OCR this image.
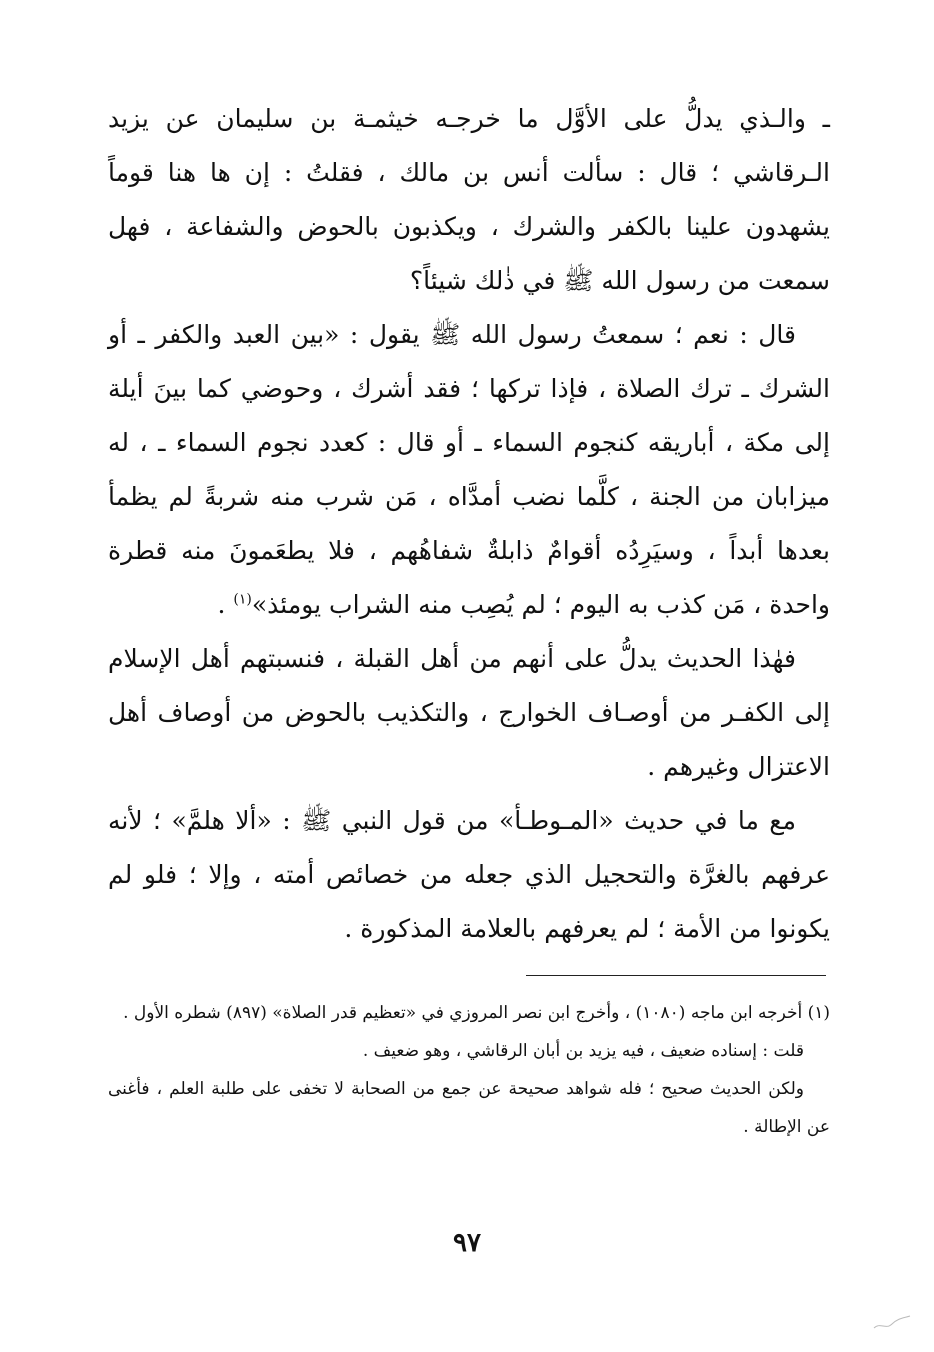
ـ والـذي يدلُّ على الأوَّل ما خرجـه خيثمـة بن سليمان عن يزيد الـرقاشي ؛ قال : سألت أنس بن مالك ، فقلتُ : إن ها هنا قوماً يشهدون علينا بالكفر والشرك ، ويكذبون بالحوض والشفاعة ، فهل سمعت من رسول الله ﷺ في ذٰلك شيئاً؟

قال : نعم ؛ سمعتُ رسول الله ﷺ يقول : «بين العبد والكفر ـ أو الشرك ـ ترك الصلاة ، فإذا تركها ؛ فقد أشرك ، وحوضي كما بينَ أيلة إلى مكة ، أباريقه كنجوم السماء ـ أو قال : كعدد نجوم السماء ـ ، له ميزابان من الجنة ، كلَّما نضب أمدَّاه ، مَن شرب منه شربةً لم يظمأ بعدها أبداً ، وسيَرِدُه أقوامٌ ذابلةٌ شفاهُهم ، فلا يطعَمونَ منه قطرة واحدة ، مَن كذب به اليوم ؛ لم يُصِب منه الشراب يومئذ»$^{(١)}$ .

فهٰذا الحديث يدلُّ على أنهم من أهل القبلة ، فنسبتهم أهل الإسلام إلى الكفـر من أوصـاف الخوارج ، والتكذيب بالحوض من أوصاف أهل الاعتزال وغيرهم .

مع ما في حديث «المـوطـأ» من قول النبي ﷺ : «ألا هلمَّ» ؛ لأنه عرفهم بالغرَّة والتحجيل الذي جعله من خصائص أمته ، وإلا ؛ فلو لم يكونوا من الأمة ؛ لم يعرفهم بالعلامة المذكورة .

(١) أخرجه ابن ماجه (١٠٨٠) ، وأخرج ابن نصر المروزي في «تعظيم قدر الصلاة» (٨٩٧) شطره الأول .

قلت : إسناده ضعيف ، فيه يزيد بن أبان الرقاشي ، وهو ضعيف .

ولكن الحديث صحيح ؛ فله شواهد صحيحة عن جمع من الصحابة لا تخفى على طلبة العلم ، فأغنى عن الإطالة .

٩٧
